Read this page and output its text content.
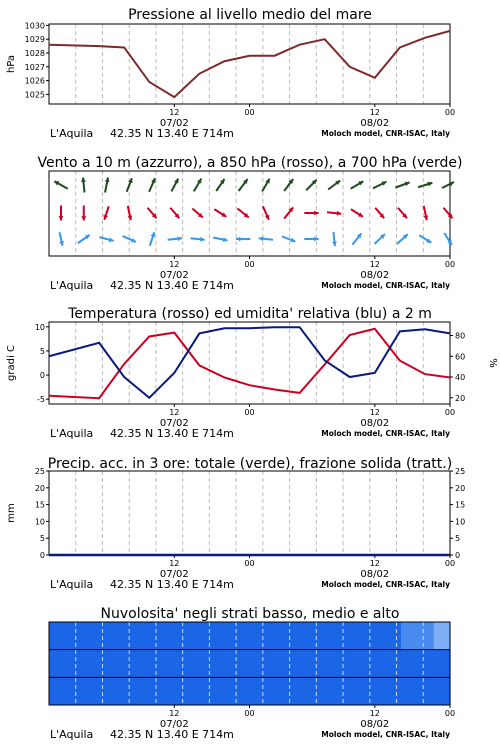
Pressione al livello medio del mare
1025
1026
1027
1028
1029
1030
hPa
12	00	12	00
07/02	08/02
L'Aquila 42.35 N 13.40 E 714m	Moloch model, CNR-ISAC, Italy
Vento a 10 m (azzurro), a 850 hPa (rosso), a 700 hPa (verde)
12	00	12	00
07/02	08/02
L'Aquila 42.35 N 13.40 E 714m	Moloch model, CNR-ISAC, Italy
Temperatura (rosso) ed umidita' relativa (blu) a 2 m
-5
0
5
10
20
40
60
80
gradi C	%
12	00	12	00
07/02	08/02
L'Aquila 42.35 N 13.40 E 714m	Moloch model, CNR-ISAC, Italy
Precip. acc. in 3 ore: totale (verde), frazione solida (tratt.)
0	0
5	5
10	10
15	15
20	20
25	25
mm
12	00	12	00
07/02	08/02
L'Aquila 42.35 N 13.40 E 714m	Moloch model, CNR-ISAC, Italy
Nuvolosita' negli strati basso, medio e alto
12	00	12	00
07/02	08/02
L'Aquila 42.35 N 13.40 E 714m	Moloch model, CNR-ISAC, Italy
